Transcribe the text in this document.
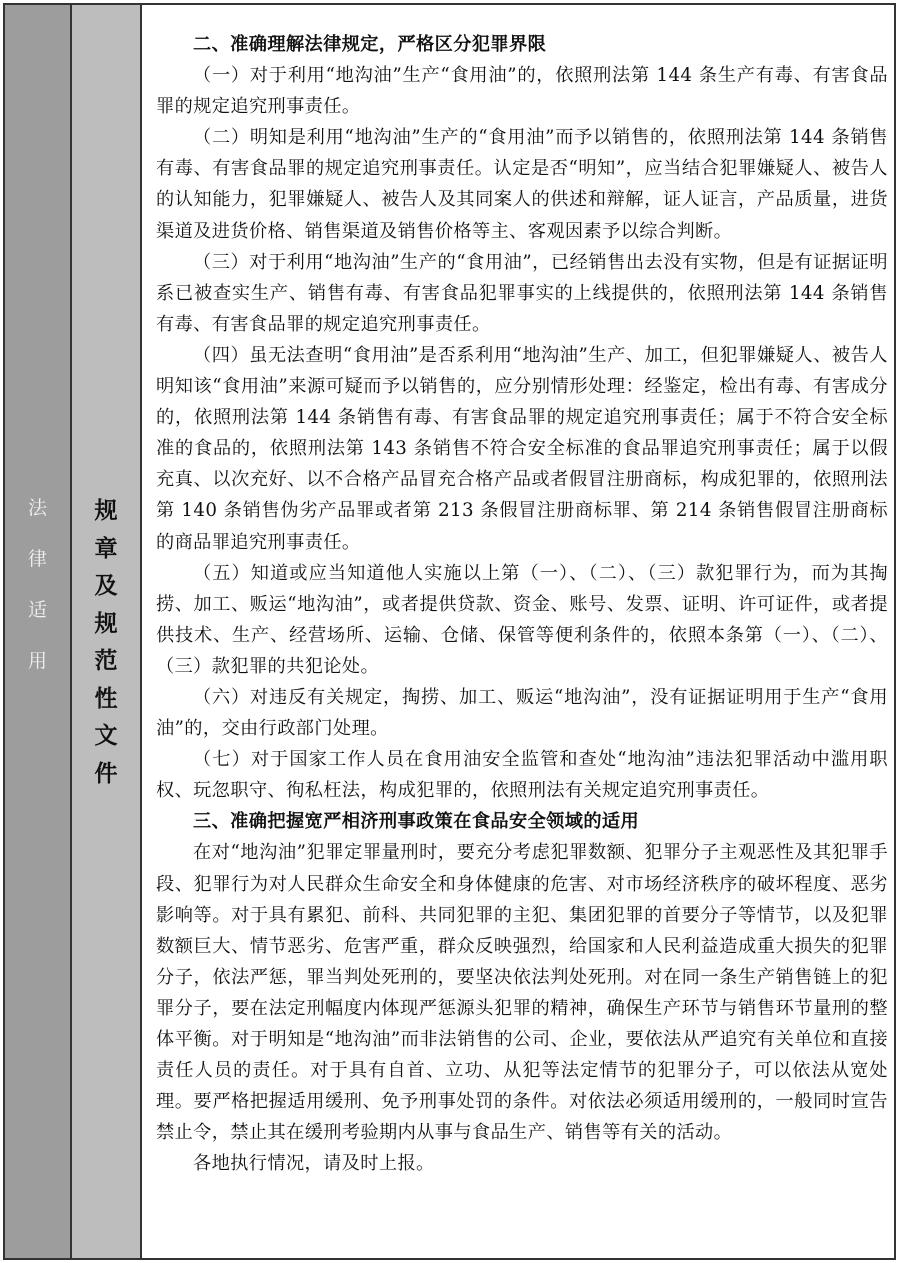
法
律
适
用
规
章
及
规
范
性
文
件
二、准确理解法律规定，严格区分犯罪界限

（一）对于利用“地沟油”生产“食用油”的，依照刑法第 144 条生产有毒、有害食品罪的规定追究刑事责任。

（二）明知是利用“地沟油”生产的“食用油”而予以销售的，依照刑法第 144 条销售有毒、有害食品罪的规定追究刑事责任。认定是否“明知”，应当结合犯罪嫌疑人、被告人的认知能力，犯罪嫌疑人、被告人及其同案人的供述和辩解，证人证言，产品质量，进货渠道及进货价格、销售渠道及销售价格等主、客观因素予以综合判断。

（三）对于利用“地沟油”生产的“食用油”，已经销售出去没有实物，但是有证据证明系已被查实生产、销售有毒、有害食品犯罪事实的上线提供的，依照刑法第 144 条销售有毒、有害食品罪的规定追究刑事责任。

（四）虽无法查明“食用油”是否系利用“地沟油”生产、加工，但犯罪嫌疑人、被告人明知该“食用油”来源可疑而予以销售的，应分别情形处理：经鉴定，检出有毒、有害成分的，依照刑法第 144 条销售有毒、有害食品罪的规定追究刑事责任；属于不符合安全标准的食品的，依照刑法第 143 条销售不符合安全标准的食品罪追究刑事责任；属于以假充真、以次充好、以不合格产品冒充合格产品或者假冒注册商标，构成犯罪的，依照刑法第 140 条销售伪劣产品罪或者第 213 条假冒注册商标罪、第 214 条销售假冒注册商标的商品罪追究刑事责任。

（五）知道或应当知道他人实施以上第（一）、（二）、（三）款犯罪行为，而为其掏捞、加工、贩运“地沟油”，或者提供贷款、资金、账号、发票、证明、许可证件，或者提供技术、生产、经营场所、运输、仓储、保管等便利条件的，依照本条第（一）、（二）、（三）款犯罪的共犯论处。

（六）对违反有关规定，掏捞、加工、贩运“地沟油”，没有证据证明用于生产“食用油”的，交由行政部门处理。

（七）对于国家工作人员在食用油安全监管和查处“地沟油”违法犯罪活动中滥用职权、玩忽职守、徇私枉法，构成犯罪的，依照刑法有关规定追究刑事责任。

三、准确把握宽严相济刑事政策在食品安全领域的适用

在对“地沟油”犯罪定罪量刑时，要充分考虑犯罪数额、犯罪分子主观恶性及其犯罪手段、犯罪行为对人民群众生命安全和身体健康的危害、对市场经济秩序的破坏程度、恶劣影响等。对于具有累犯、前科、共同犯罪的主犯、集团犯罪的首要分子等情节，以及犯罪数额巨大、情节恶劣、危害严重，群众反映强烈，给国家和人民利益造成重大损失的犯罪分子，依法严惩，罪当判处死刑的，要坚决依法判处死刑。对在同一条生产销售链上的犯罪分子，要在法定刑幅度内体现严惩源头犯罪的精神，确保生产环节与销售环节量刑的整体平衡。对于明知是“地沟油”而非法销售的公司、企业，要依法从严追究有关单位和直接责任人员的责任。对于具有自首、立功、从犯等法定情节的犯罪分子，可以依法从宽处理。要严格把握适用缓刑、免予刑事处罚的条件。对依法必须适用缓刑的，一般同时宣告禁止令，禁止其在缓刑考验期内从事与食品生产、销售等有关的活动。

各地执行情况，请及时上报。
